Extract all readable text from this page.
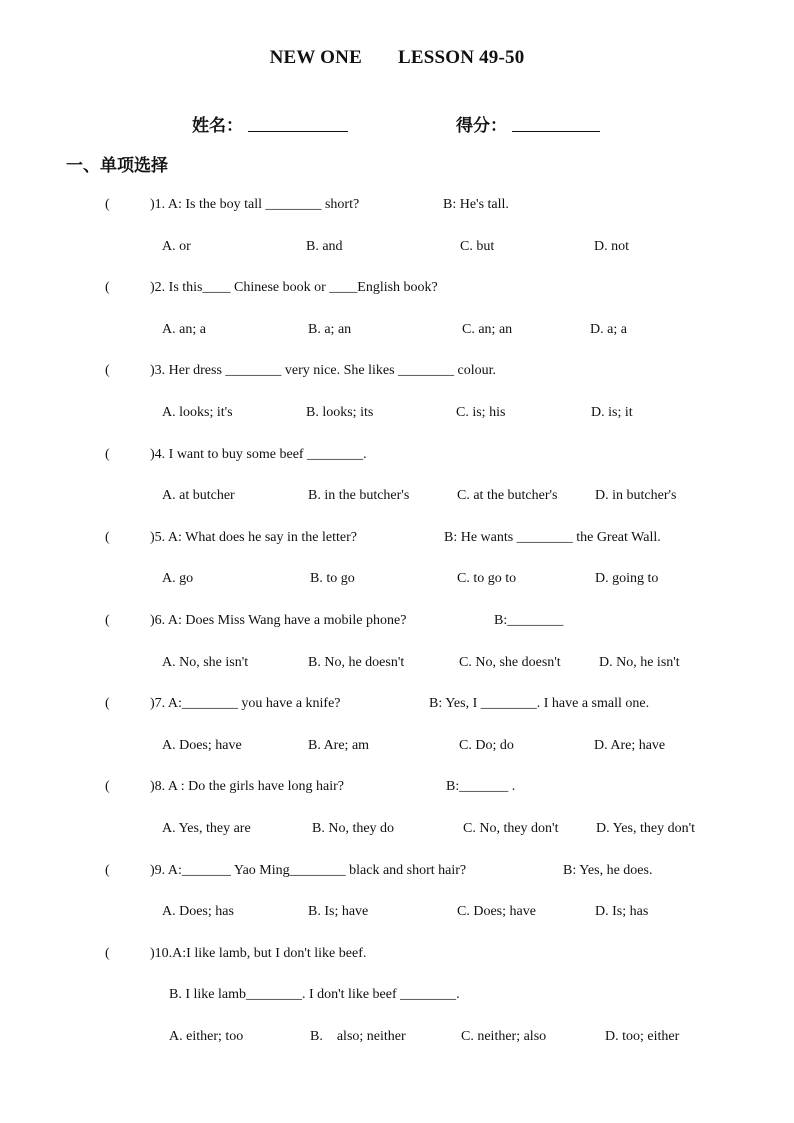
NEW ONE LESSON 49-50
姓名：	得分：
一、单项选择
(	)1. A: Is the boy tall ________ short?	B: He's tall.
A. or	B. and	C. but	D. not
(	)2. Is this____ Chinese book or ____English book?
A. an; a	B. a; an	C. an; an	D. a; a
(	)3. Her dress ________ very nice. She likes ________ colour.
A. looks; it's	B. looks; its	C. is; his	D. is; it
(	)4. I want to buy some beef ________.
A. at butcher	B. in the butcher's	C. at the butcher's	D. in butcher's
(	)5. A: What does he say in the letter?	B: He wants ________ the Great Wall.
A. go	B. to go	C. to go to	D. going to
(	)6. A: Does Miss Wang have a mobile phone?	B:________
A. No, she isn't	B. No, he doesn't	C. No, she doesn't	D. No, he isn't
(	)7. A:________ you have a knife?	B: Yes, I ________. I have a small one.
A. Does; have	B. Are; am	C. Do; do	D. Are; have
(	)8. A : Do the girls have long hair?	B:_______ .
A. Yes, they are	B. No, they do	C. No, they don't	D. Yes, they don't
(	)9. A:_______ Yao Ming________ black and short hair?	B: Yes, he does.
A. Does; has	B. Is; have	C. Does; have	D. Is; has
(	)10.A:I like lamb, but I don't like beef.
B. I like lamb________. I don't like beef ________.
A. either; too	B.    also; neither	C. neither; also	D. too; either
